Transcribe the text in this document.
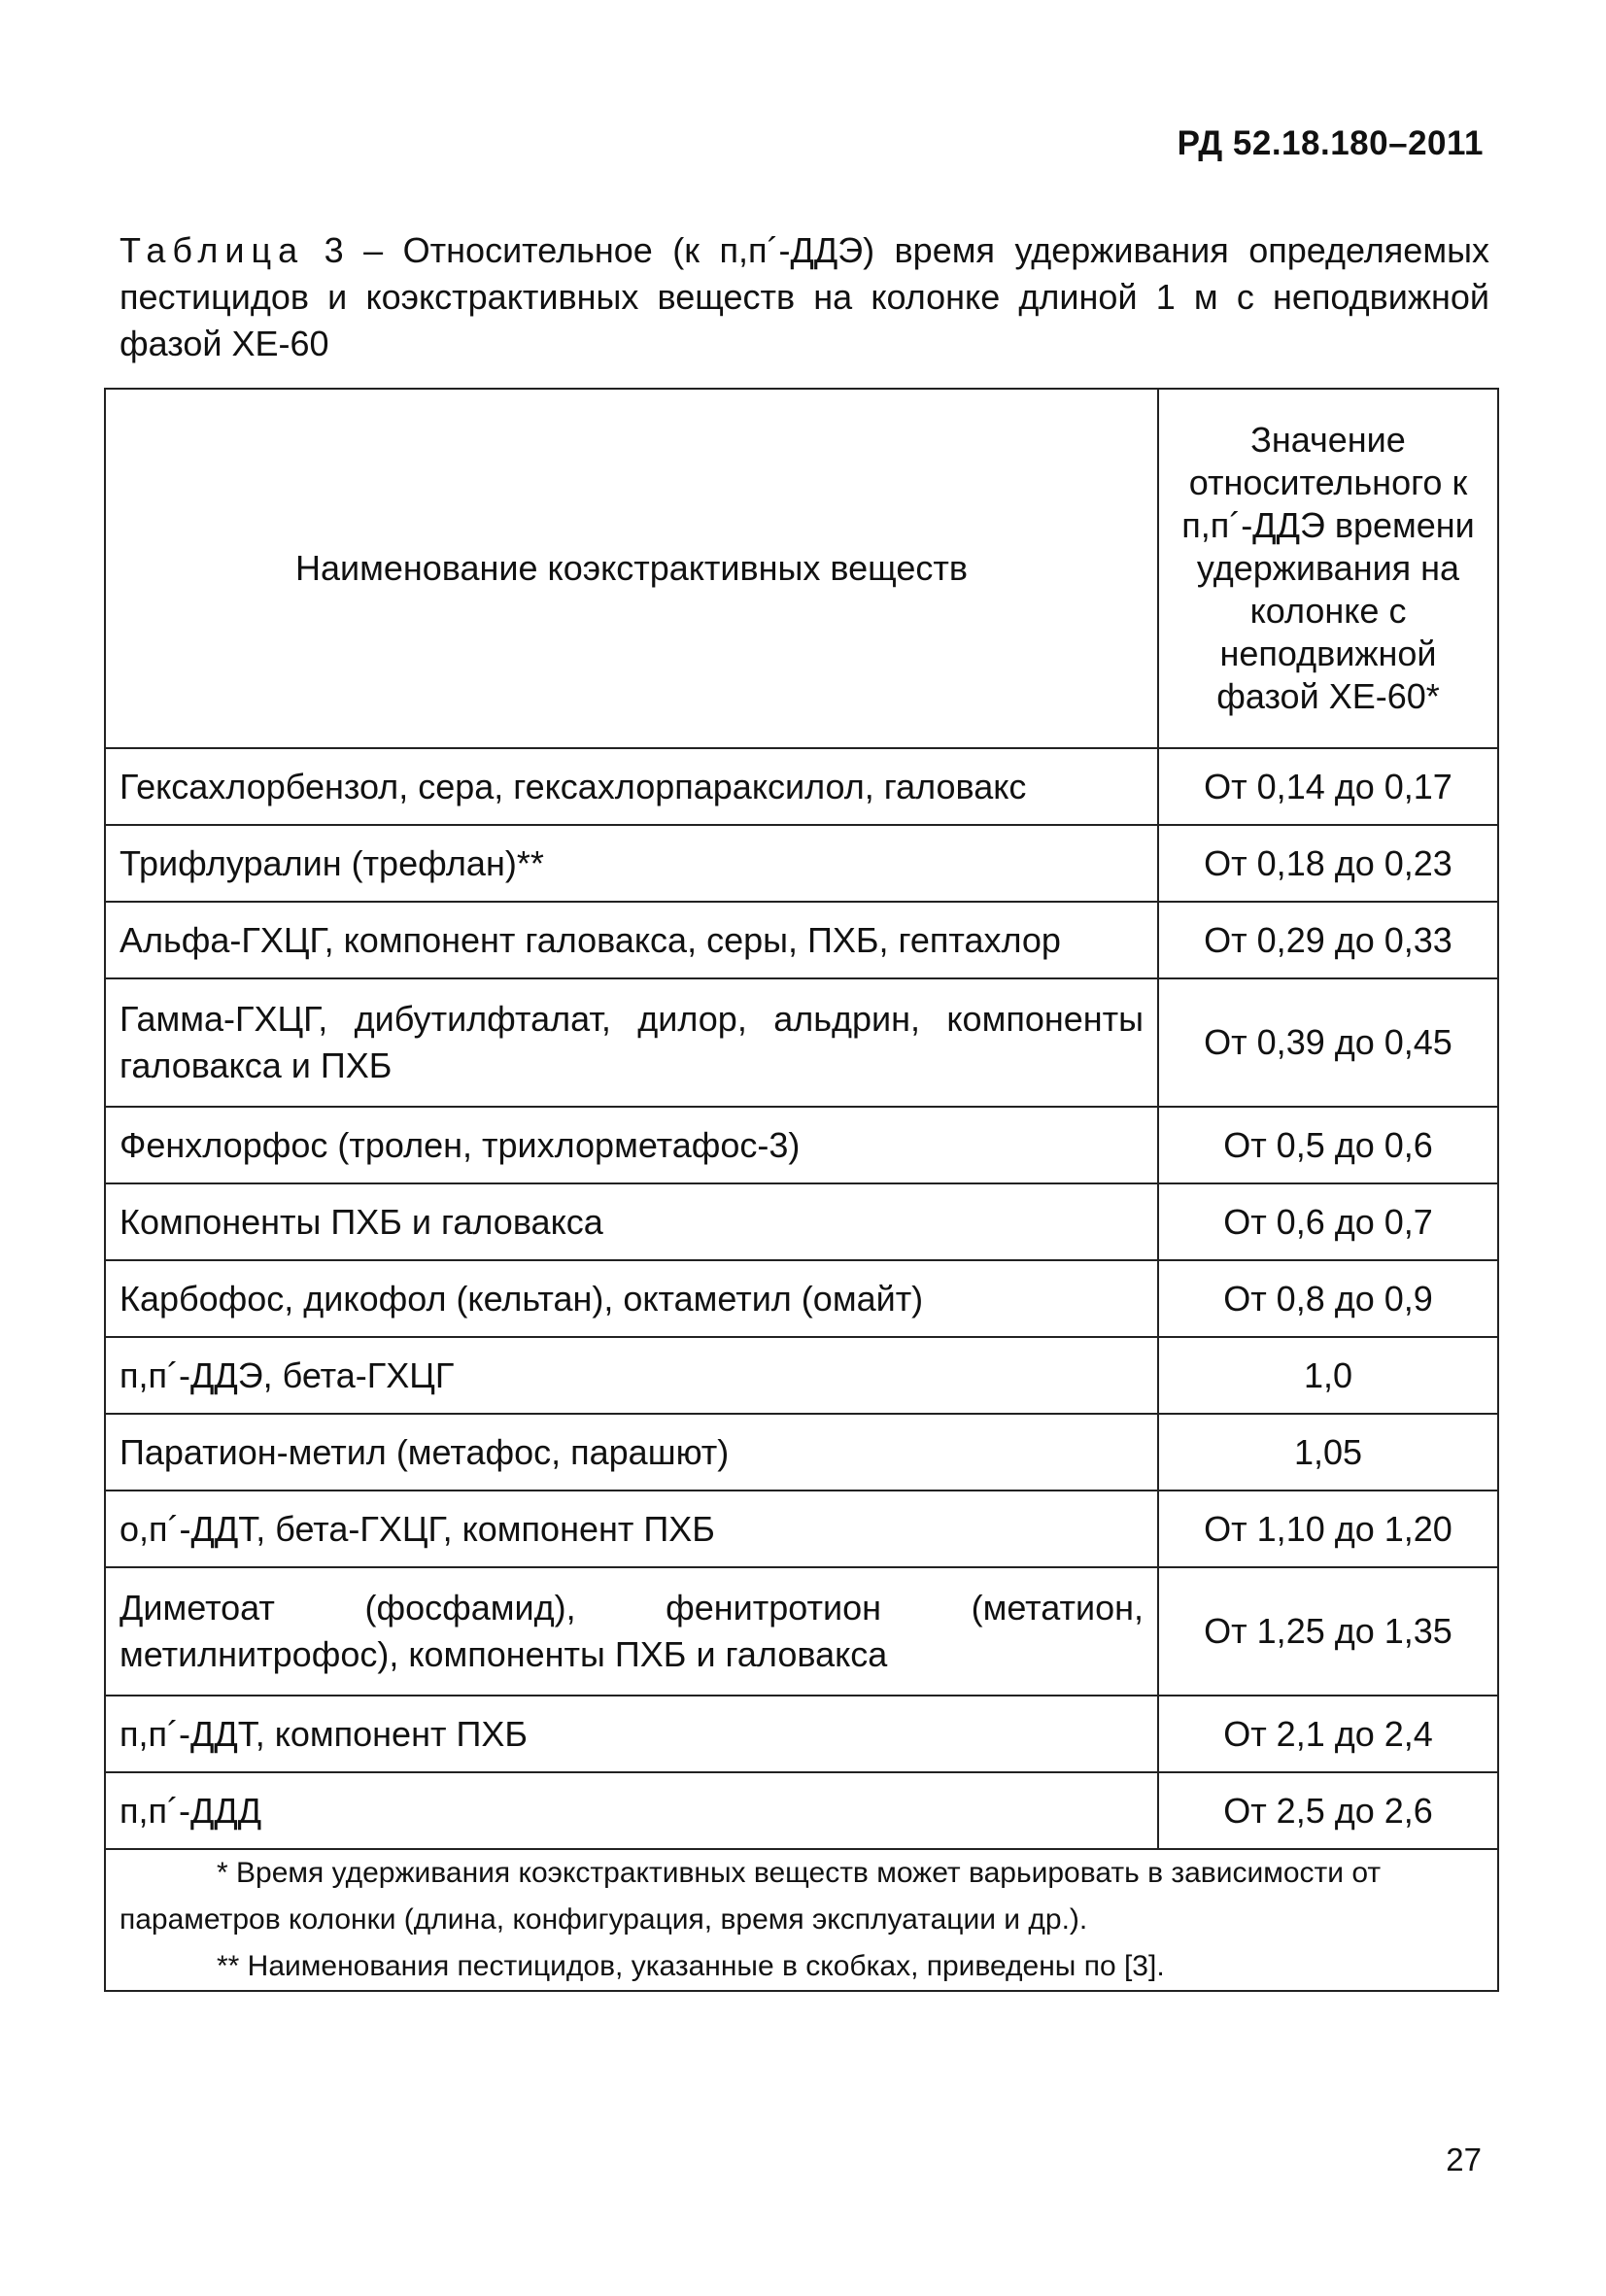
РД 52.18.180–2011
Таблица 3 – Относительное (к п,п´-ДДЭ) время удерживания определяемых пестицидов и коэкстрактивных веществ на колонке длиной 1 м с неподвижной фазой XE-60
Наименование коэкстрактивных веществ	Значение относительного к п,п´-ДДЭ времени удерживания на колонке с неподвижной фазой XE-60*
Гексахлорбензол, сера, гексахлорпараксилол, галовакс	От 0,14 до 0,17
Трифлуралин (трефлан)**	От 0,18 до 0,23
Альфа-ГХЦГ, компонент галовакса, серы, ПХБ, гептахлор	От 0,29 до 0,33
Гамма-ГХЦГ, дибутилфталат, дилор, альдрин, компоненты галовакса и ПХБ	От 0,39 до 0,45
Фенхлорфос (тролен, трихлорметафос-3)	От 0,5 до 0,6
Компоненты ПХБ и галовакса	От 0,6 до 0,7
Карбофос, дикофол (кельтан), октаметил (омайт)	От 0,8 до 0,9
п,п´-ДДЭ, бета-ГХЦГ	1,0
Паратион-метил (метафос, парашют)	1,05
о,п´-ДДТ, бета-ГХЦГ, компонент ПХБ	От 1,10 до 1,20
Диметоат (фосфамид), фенитротион (метатион, метилнитрофос), компоненты ПХБ и галовакса	От 1,25 до 1,35
п,п´-ДДТ, компонент ПХБ	От 2,1 до 2,4
п,п´-ДДД	От 2,5 до 2,6

* Время удерживания коэкстрактивных веществ может варьировать в зависимости от параметров колонки (длина, конфигурация, время эксплуатации и др.).
** Наименования пестицидов, указанные в скобках, приведены по [3].	
27
